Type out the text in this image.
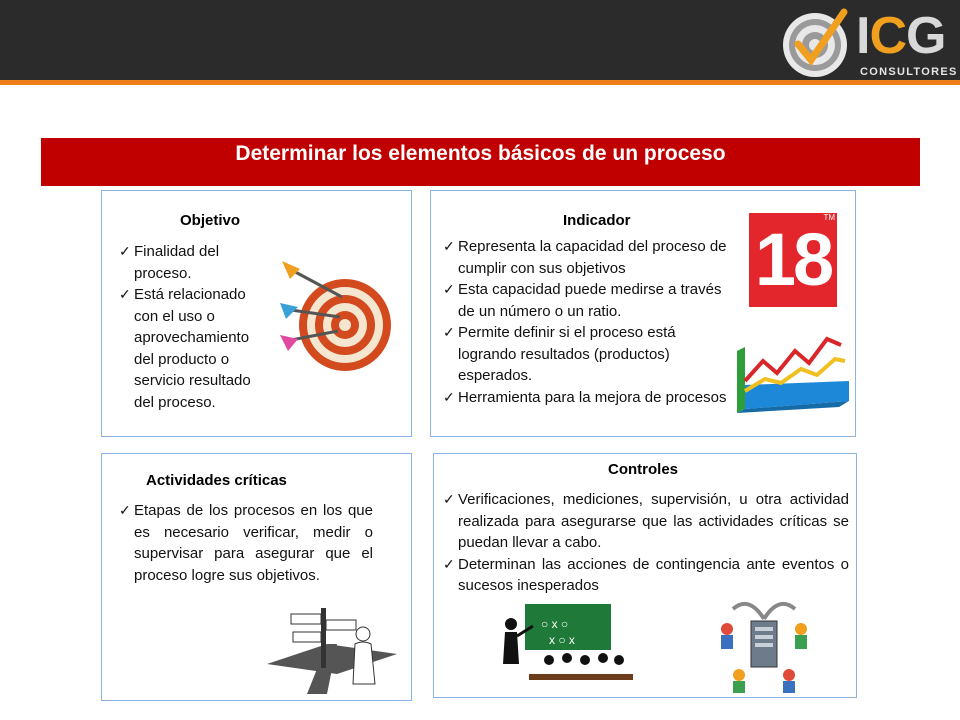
ICG
CONSULTORES
Determinar los elementos básicos de un proceso
Objetivo
✓ Finalidad del proceso.
✓ Está relacionado con el uso o aprovechamiento del producto o servicio resultado del proceso.
Indicador
✓ Representa la capacidad del proceso de cumplir con sus objetivos
✓ Esta capacidad puede medirse a través de un número o un ratio.
✓ Permite definir si el proceso está logrando resultados (productos) esperados.
✓ Herramienta para la mejora de procesos
18
TM
Actividades críticas
✓ Etapas de los procesos en los que es necesario verificar, medir o supervisar para asegurar que el proceso logre sus objetivos.
Controles
✓ Verificaciones, mediciones, supervisión, u otra actividad realizada para asegurarse que las actividades críticas se puedan llevar a cabo.
✓ Determinan las acciones de contingencia ante eventos o sucesos inesperados
○ x ○
x ○ x
